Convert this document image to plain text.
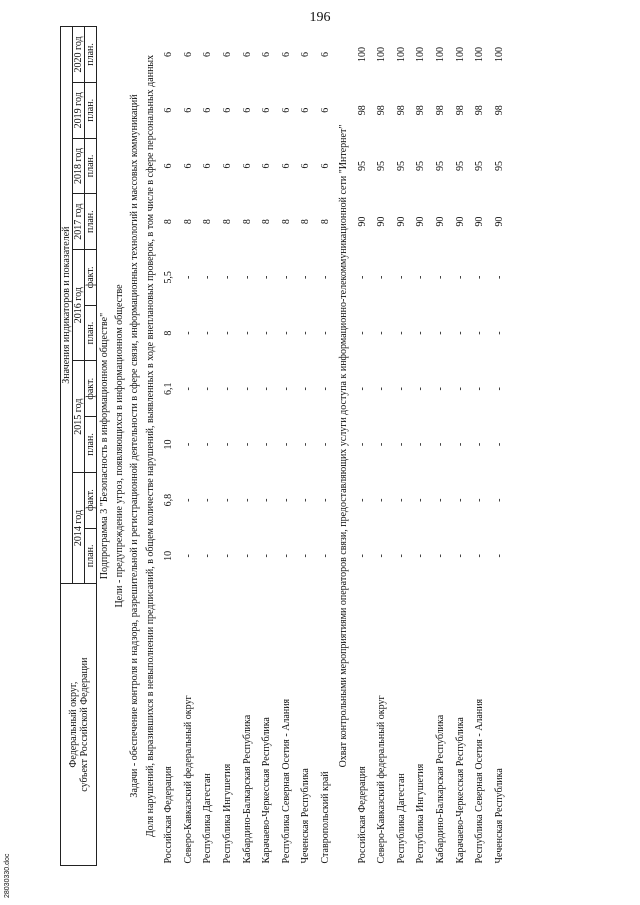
196
28030330.doc
Федеральный округ,
субъект Российской Федерации	Значения индикаторов и показателей									
	2014 год		2015 год		2016 год		2017 год	2018 год	2019 год	2020 год
	план.	факт.	план.	факт.	план.	факт.	план.	план.	план.	план.
Подпрограмма 3 "Безопасность в информационном обществе"										
Цели - предупреждение угроз, появляющихся в информационном обществе										
Задачи - обеспечение контроля и надзора, разрешительной и регистрационной деятельности в сфере связи, информационных технологий и массовых коммуникаций										
Доля нарушений, выразившихся в невыполнении предписаний, в общем количестве нарушений, выявленных в ходе внеплановых проверок, в том числе в сфере персональных данных										
Российская Федерация	10	6,8	10	6,1	8	5,5	8	6	6	6
Северо-Кавказский федеральный округ	-	-	-	-	-	-	8	6	6	6
Республика Дагестан	-	-	-	-	-	-	8	6	6	6
Республика Ингушетия	-	-	-	-	-	-	8	6	6	6
Кабардино-Балкарская Республика	-	-	-	-	-	-	8	6	6	6
Карачаево-Черкесская Республика	-	-	-	-	-	-	8	6	6	6
Республика Северная Осетия - Алания	-	-	-	-	-	-	8	6	6	6
Чеченская Республика	-	-	-	-	-	-	8	6	6	6
Ставропольский край	-	-	-	-	-	-	8	6	6	6
Охват контрольными мероприятиями операторов связи, предоставляющих услуги доступа к информационно-телекоммуникационной сети "Интернет"										
Российская Федерация	-	-	-	-	-	-	90	95	98	100
Северо-Кавказский федеральный округ	-	-	-	-	-	-	90	95	98	100
Республика Дагестан	-	-	-	-	-	-	90	95	98	100
Республика Ингушетия	-	-	-	-	-	-	90	95	98	100
Кабардино-Балкарская Республика	-	-	-	-	-	-	90	95	98	100
Карачаево-Черкесская Республика	-	-	-	-	-	-	90	95	98	100
Республика Северная Осетия - Алания	-	-	-	-	-	-	90	95	98	100
Чеченская Республика	-	-	-	-	-	-	90	95	98	100
